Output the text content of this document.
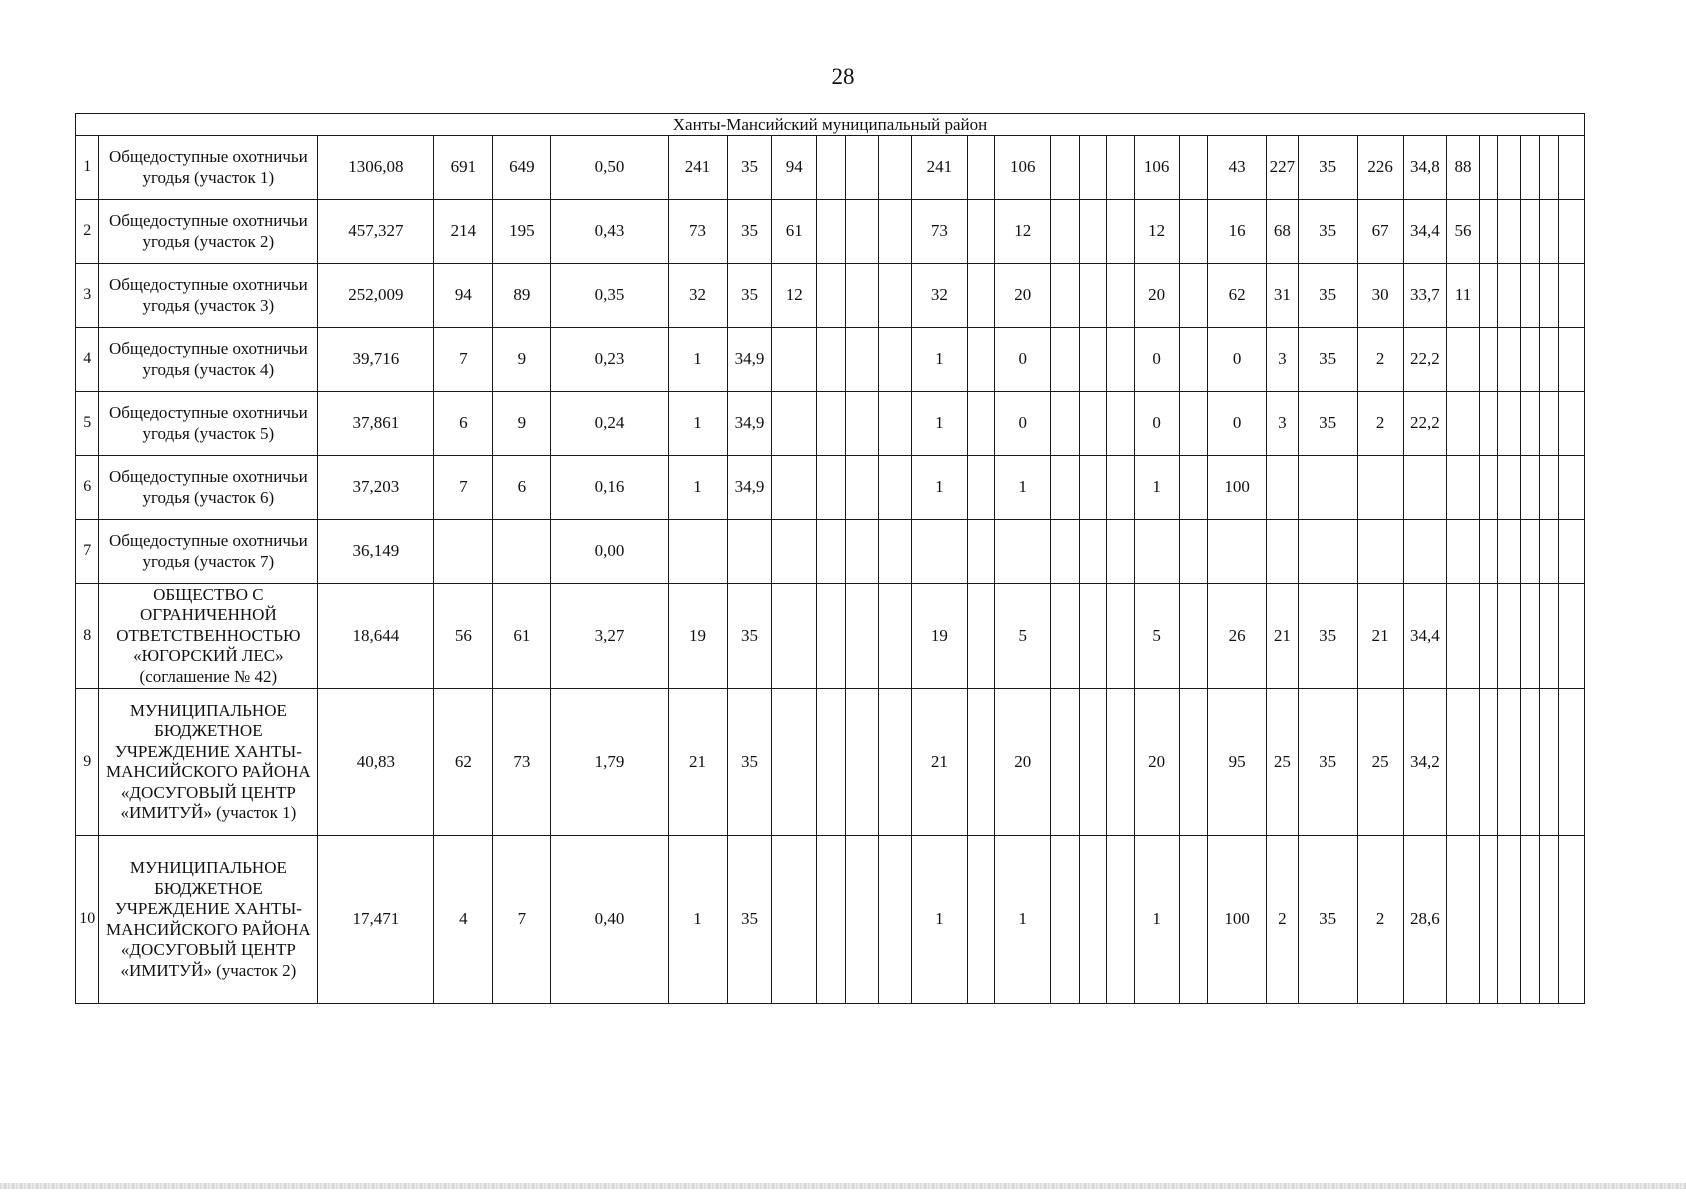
28
Ханты-Мансийский муниципальный район																														
1	Общедоступные охотничьи угодья (участок 1)	1306,08	691	649	0,50	241	35	94				241		106				106		43	227	35	226	34,8	88					
2	Общедоступные охотничьи угодья (участок 2)	457,327	214	195	0,43	73	35	61				73		12				12		16	68	35	67	34,4	56					
3	Общедоступные охотничьи угодья (участок 3)	252,009	94	89	0,35	32	35	12				32		20				20		62	31	35	30	33,7	11					
4	Общедоступные охотничьи угодья (участок 4)	39,716	7	9	0,23	1	34,9					1		0				0		0	3	35	2	22,2						
5	Общедоступные охотничьи угодья (участок 5)	37,861	6	9	0,24	1	34,9					1		0				0		0	3	35	2	22,2						
6	Общедоступные охотничьи угодья (участок 6)	37,203	7	6	0,16	1	34,9					1		1				1		100										
7	Общедоступные охотничьи угодья (участок 7)	36,149			0,00																									
8	ОБЩЕСТВО С ОГРАНИЧЕННОЙ ОТВЕТСТВЕННОСТЬЮ «ЮГОРСКИЙ ЛЕС» (соглашение № 42)	18,644	56	61	3,27	19	35					19		5				5		26	21	35	21	34,4						
9	МУНИЦИПАЛЬНОЕ БЮДЖЕТНОЕ УЧРЕЖДЕНИЕ ХАНТЫ-МАНСИЙСКОГО РАЙОНА «ДОСУГОВЫЙ ЦЕНТР «ИМИТУЙ» (участок 1)	40,83	62	73	1,79	21	35					21		20				20		95	25	35	25	34,2						
10	МУНИЦИПАЛЬНОЕ БЮДЖЕТНОЕ УЧРЕЖДЕНИЕ ХАНТЫ-МАНСИЙСКОГО РАЙОНА «ДОСУГОВЫЙ ЦЕНТР «ИМИТУЙ» (участок 2)	17,471	4	7	0,40	1	35					1		1				1		100	2	35	2	28,6						
